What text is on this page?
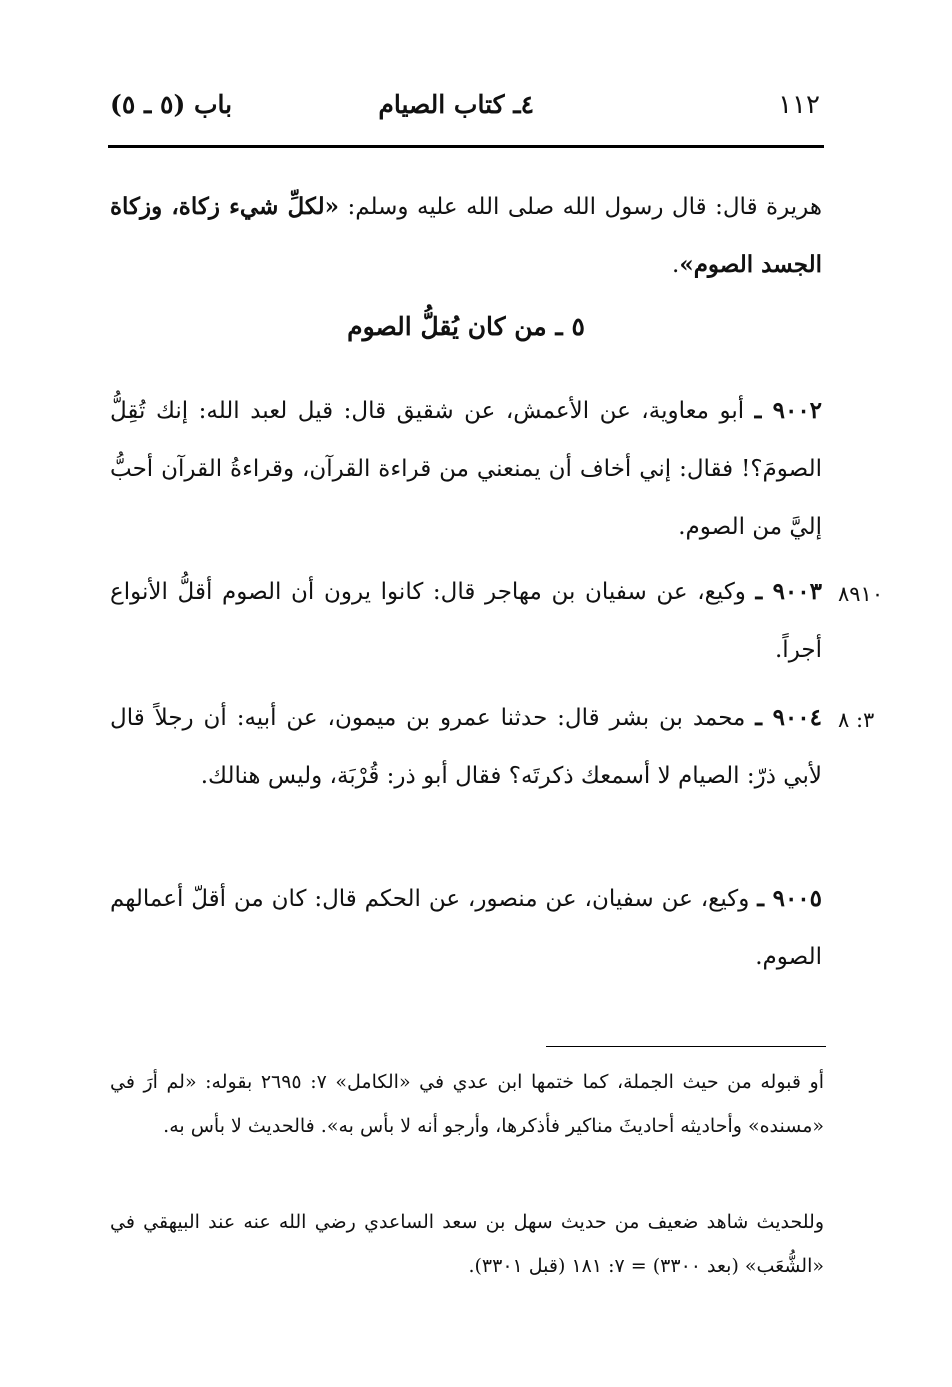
١١٢
٤ـ كتاب الصيام
باب (٥ ـ ٥)
هريرة قال: قال رسول الله صلى الله عليه وسلم: «لكلِّ شيء زكاة، وزكاة الجسد الصوم».
٥ ـ من كان يُقلُّ الصوم
٩٠٠٢ ـ أبو معاوية، عن الأعمش، عن شقيق قال: قيل لعبد الله: إنك تُقِلُّ الصومَ؟! فقال: إني أخاف أن يمنعني من قراءة القرآن، وقراءةُ القرآن أحبُّ إليَّ من الصوم.
٨٩١٠
٩٠٠٣ ـ وكيع، عن سفيان بن مهاجر قال: كانوا يرون أن الصوم أقلُّ الأنواع أجراً.
٣: ٨
٩٠٠٤ ـ محمد بن بشر قال: حدثنا عمرو بن ميمون، عن أبيه: أن رجلاً قال لأبي ذرّ: الصيام لا أسمعك ذكرتَه؟ فقال أبو ذر: قُرْبَة، وليس هنالك.
٩٠٠٥ ـ وكيع، عن سفيان، عن منصور، عن الحكم قال: كان من أقلّ أعمالهم الصوم.
أو قبوله من حيث الجملة، كما ختمها ابن عدي في «الكامل» ٧: ٢٦٩٥ بقوله: «لم أرَ في «مسنده» وأحاديثه أحاديثَ مناكير فأذكرها، وأرجو أنه لا بأس به». فالحديث لا بأس به.
وللحديث شاهد ضعيف من حديث سهل بن سعد الساعدي رضي الله عنه عند البيهقي في «الشُّعَب» (بعد ٣٣٠٠) = ٧: ١٨١ (قبل ٣٣٠١).
